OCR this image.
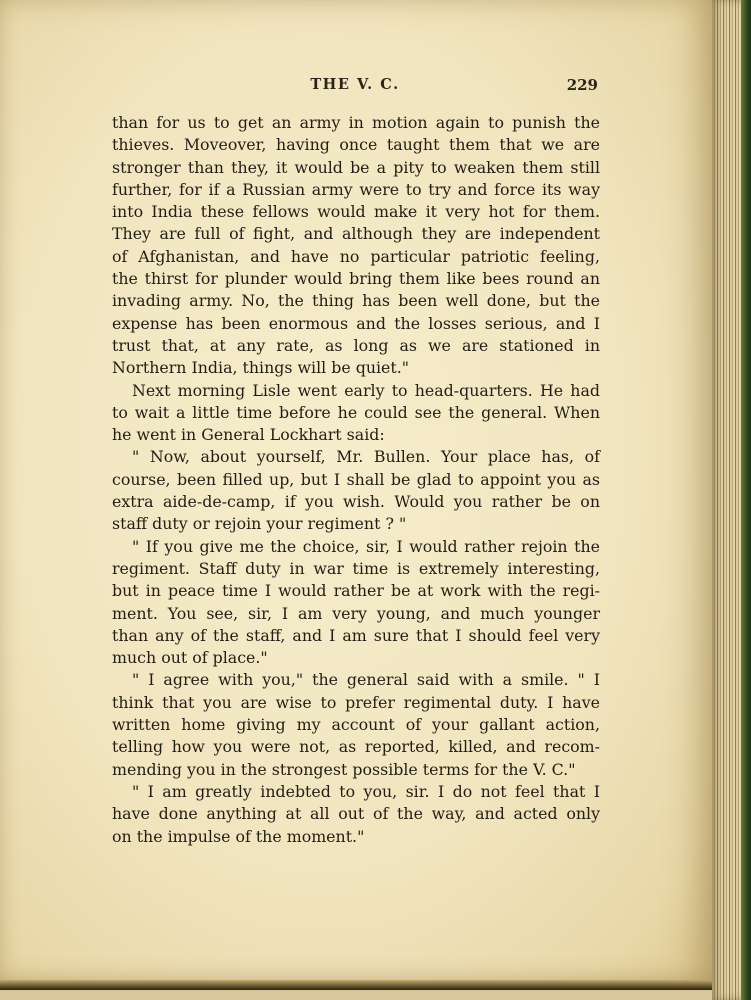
THE V. C.	229
than for us to get an army in motion again to punish the
thieves. Moveover, having once taught them that we are
stronger than they, it would be a pity to weaken them still
further, for if a Russian army were to try and force its way
into India these fellows would make it very hot for them.
They are full of fight, and although they are independent
of Afghanistan, and have no particular patriotic feeling,
the thirst for plunder would bring them like bees round an
invading army. No, the thing has been well done, but the
expense has been enormous and the losses serious, and I
trust that, at any rate, as long as we are stationed in
Northern India, things will be quiet."
Next morning Lisle went early to head-quarters. He had
to wait a little time before he could see the general. When
he went in General Lockhart said:
" Now, about yourself, Mr. Bullen. Your place has, of
course, been filled up, but I shall be glad to appoint you as
extra aide-de-camp, if you wish. Would you rather be on
staff duty or rejoin your regiment ? "
" If you give me the choice, sir, I would rather rejoin the
regiment. Staff duty in war time is extremely interesting,
but in peace time I would rather be at work with the regi-
ment. You see, sir, I am very young, and much younger
than any of the staff, and I am sure that I should feel very
much out of place."
" I agree with you," the general said with a smile. " I
think that you are wise to prefer regimental duty. I have
written home giving my account of your gallant action,
telling how you were not, as reported, killed, and recom-
mending you in the strongest possible terms for the V. C."
" I am greatly indebted to you, sir. I do not feel that I
have done anything at all out of the way, and acted only
on the impulse of the moment."
